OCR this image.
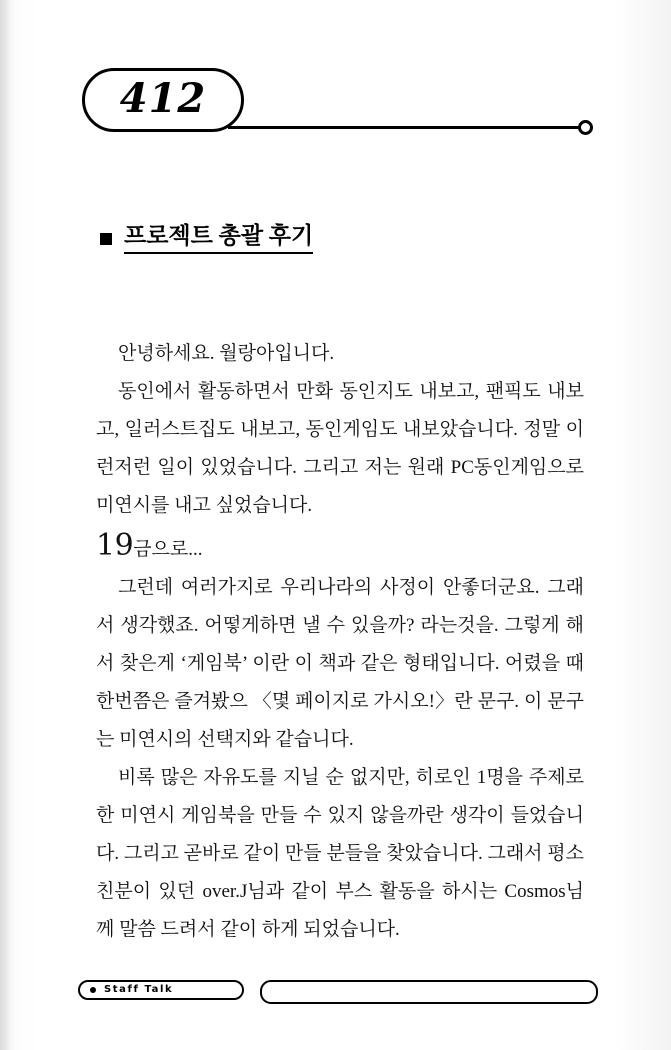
412
프로젝트 총괄 후기

안녕하세요. 월랑아입니다.

동인에서 활동하면서 만화 동인지도 내보고, 팬픽도 내보고, 일러스트집도 내보고, 동인게임도 내보았습니다. 정말 이런저런 일이 있었습니다. 그리고 저는 원래 PC동인게임으로 미연시를 내고 싶었습니다.

19금으로...

그런데 여러가지로 우리나라의 사정이 안좋더군요. 그래서 생각했죠. 어떻게하면 낼 수 있을까? 라는것을. 그렇게 해서 찾은게 ‘게임북’ 이란 이 책과 같은 형태입니다. 어렸을 때 한번쯤은 즐겨봤으 〈몇 페이지로 가시오!〉란 문구. 이 문구는 미연시의 선택지와 같습니다.

비록 많은 자유도를 지닐 순 없지만, 히로인 1명을 주제로 한 미연시 게임북을 만들 수 있지 않을까란 생각이 들었습니다. 그리고 곧바로 같이 만들 분들을 찾았습니다. 그래서 평소 친분이 있던 over.J님과 같이 부스 활동을 하시는 Cosmos님께 말씀 드려서 같이 하게 되었습니다.

Staff Talk
